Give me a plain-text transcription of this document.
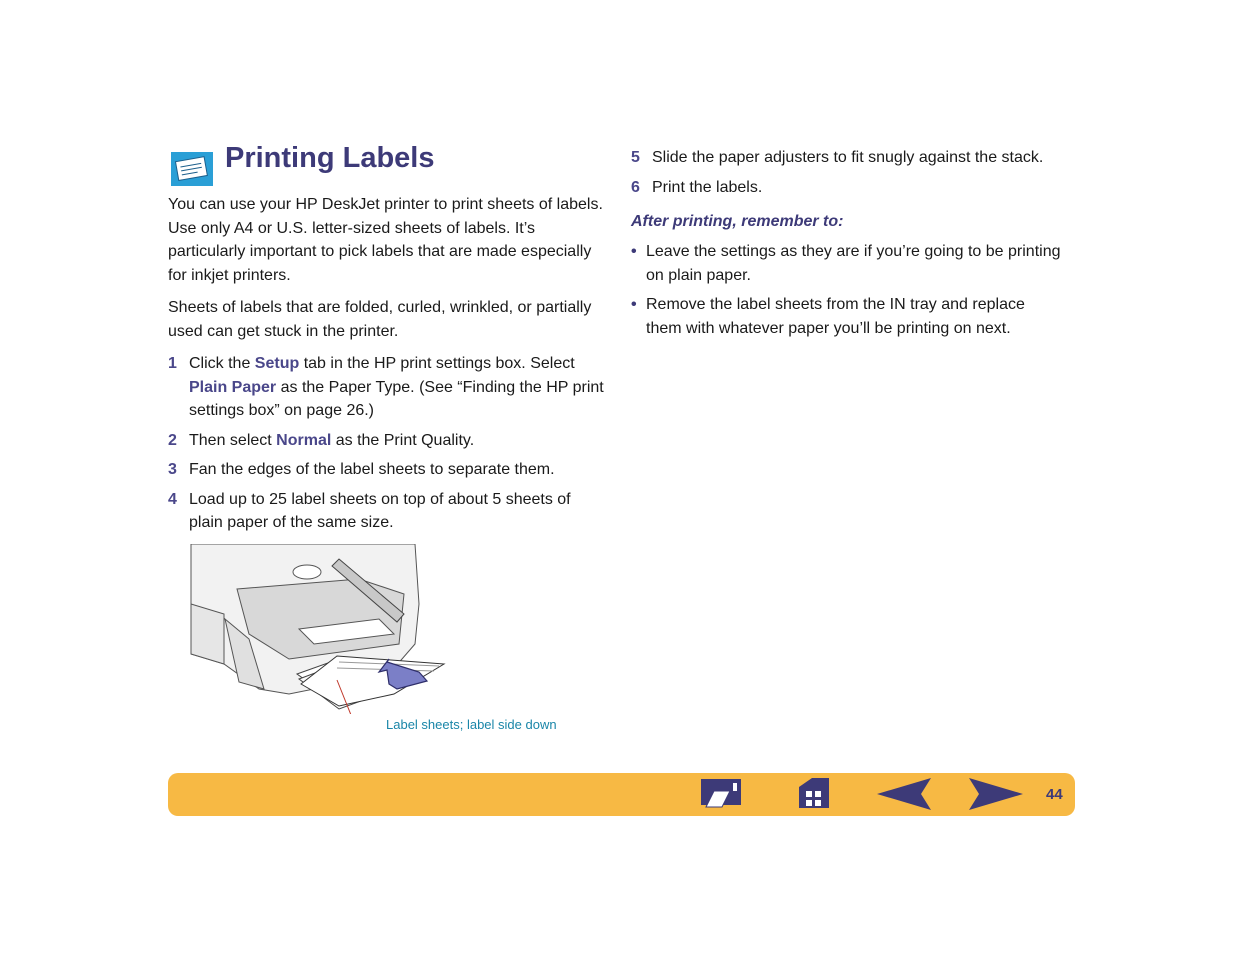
Printing Labels

You can use your HP DeskJet printer to print sheets of labels. Use only A4 or U.S. letter-sized sheets of labels. It’s particularly important to pick labels that are made especially for inkjet printers.

Sheets of labels that are folded, curled, wrinkled, or partially used can get stuck in the printer.

1 Click the Setup tab in the HP print settings box. Select Plain Paper as the Paper Type. (See “Finding the HP print settings box” on page 26.)
2 Then select Normal as the Print Quality.
3 Fan the edges of the label sheets to separate them.
4 Load up to 25 label sheets on top of about 5 sheets of plain paper of the same size.
5 Slide the paper adjusters to fit snugly against the stack.
6 Print the labels.
After printing, remember to:
• Leave the settings as they are if you’re going to be printing on plain paper.
• Remove the label sheets from the IN tray and replace them with whatever paper you’ll be printing on next.
Label sheets; label side down
44
